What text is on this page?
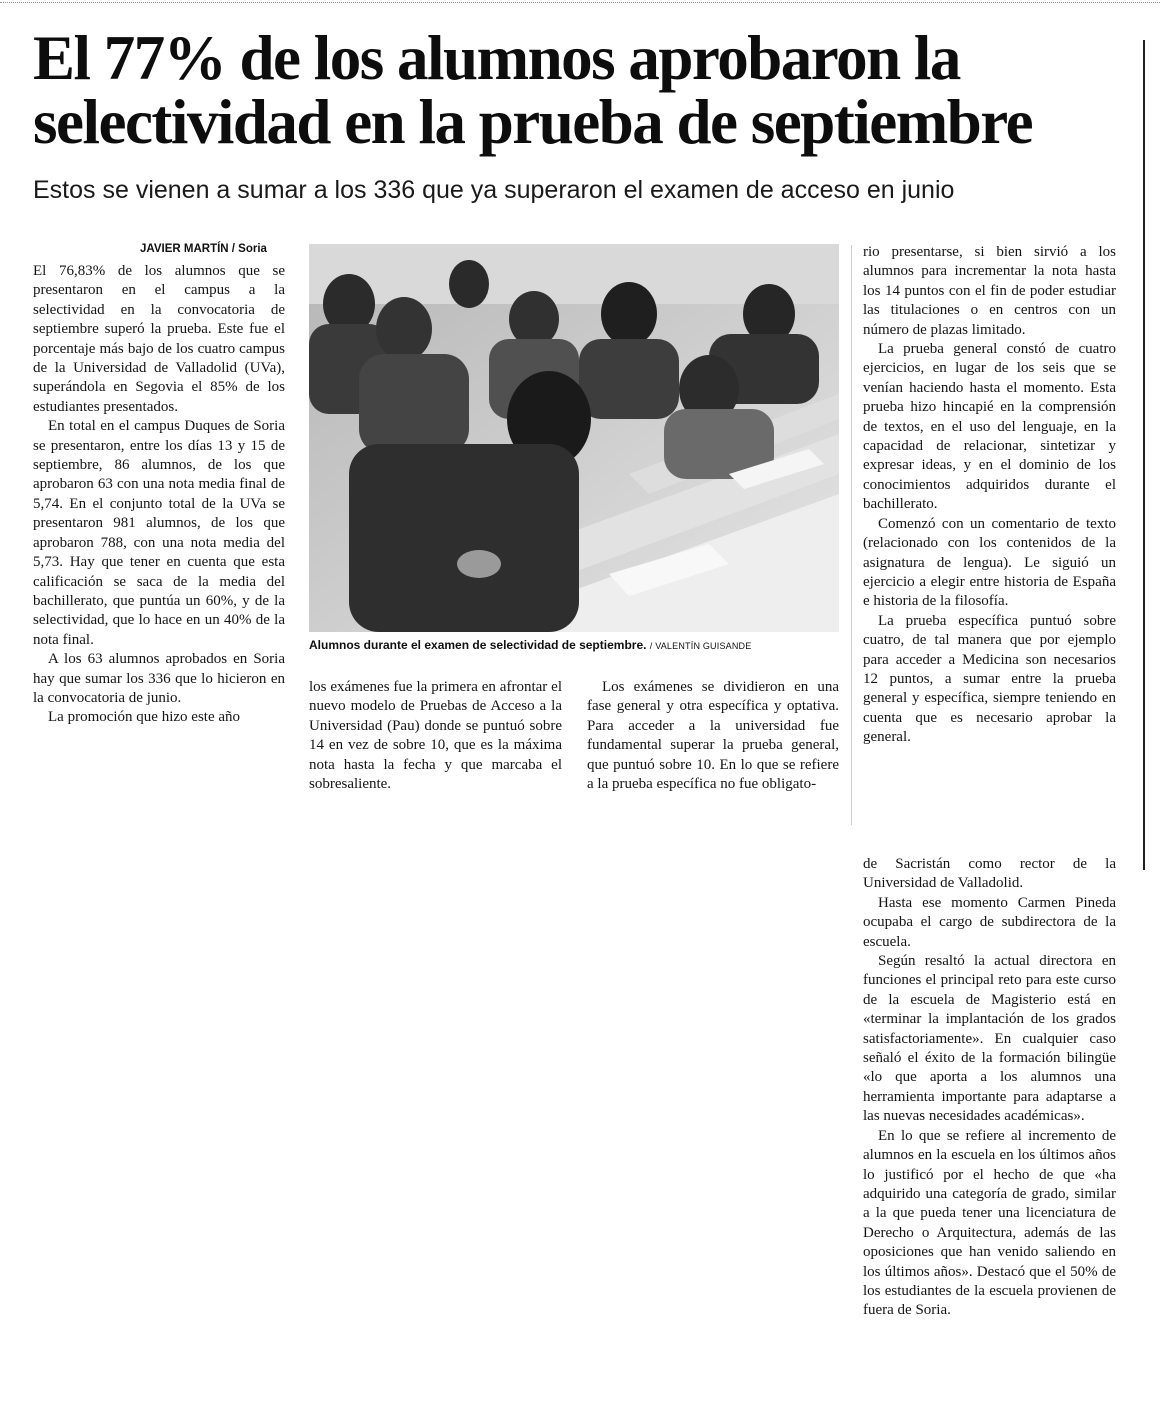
El 77% de los alumnos aprobaron la selectividad en la prueba de septiembre
Estos se vienen a sumar a los 336 que ya superaron el examen de acceso en junio
JAVIER MARTÍN / Soria

El 76,83% de los alumnos que se presentaron en el campus a la selectividad en la convocatoria de septiembre superó la prueba. Este fue el porcentaje más bajo de los cuatro campus de la Universidad de Valladolid (UVa), superándola en Segovia el 85% de los estudiantes presentados.

En total en el campus Duques de Soria se presentaron, entre los días 13 y 15 de septiembre, 86 alumnos, de los que aprobaron 63 con una nota media final de 5,74. En el conjunto total de la UVa se presentaron 981 alumnos, de los que aprobaron 788, con una nota media del 5,73. Hay que tener en cuenta que esta calificación se saca de la media del bachillerato, que puntúa un 60%, y de la selectividad, que lo hace en un 40% de la nota final.

A los 63 alumnos aprobados en Soria hay que sumar los 336 que lo hicieron en la convocatoria de junio.

La promoción que hizo este año

Alumnos durante el examen de selectividad de septiembre. / VALENTÍN GUISANDE

los exámenes fue la primera en afrontar el nuevo modelo de Pruebas de Acceso a la Universidad (Pau) donde se puntuó sobre 14 en vez de sobre 10, que es la máxima nota hasta la fecha y que marcaba el sobresaliente.

Los exámenes se dividieron en una fase general y otra específica y optativa. Para acceder a la universidad fue fundamental superar la prueba general, que puntuó sobre 10. En lo que se refiere a la prueba específica no fue obligato-

rio presentarse, si bien sirvió a los alumnos para incrementar la nota hasta los 14 puntos con el fin de poder estudiar las titulaciones o en centros con un número de plazas limitado.

La prueba general constó de cuatro ejercicios, en lugar de los seis que se venían haciendo hasta el momento. Esta prueba hizo hincapié en la comprensión de textos, en el uso del lenguaje, en la capacidad de relacionar, sintetizar y expresar ideas, y en el dominio de los conocimientos adquiridos durante el bachillerato.

Comenzó con un comentario de texto (relacionado con los contenidos de la asignatura de lengua). Le siguió un ejercicio a elegir entre historia de España e historia de la filosofía.

La prueba específica puntuó sobre cuatro, de tal manera que por ejemplo para acceder a Medicina son necesarios 12 puntos, a sumar entre la prueba general y específica, siempre teniendo en cuenta que es necesario aprobar la general.

de Sacristán como rector de la Universidad de Valladolid.

Hasta ese momento Carmen Pineda ocupaba el cargo de subdirectora de la escuela.

Según resaltó la actual directora en funciones el principal reto para este curso de la escuela de Magisterio está en «terminar la implantación de los grados satisfactoriamente». En cualquier caso señaló el éxito de la formación bilingüe «lo que aporta a los alumnos una herramienta importante para adaptarse a las nuevas necesidades académicas».

En lo que se refiere al incremento de alumnos en la escuela en los últimos años lo justificó por el hecho de que «ha adquirido una categoría de grado, similar a la que pueda tener una licenciatura de Derecho o Arquitectura, además de las oposiciones que han venido saliendo en los últimos años». Destacó que el 50% de los estudiantes de la escuela provienen de fuera de Soria.
